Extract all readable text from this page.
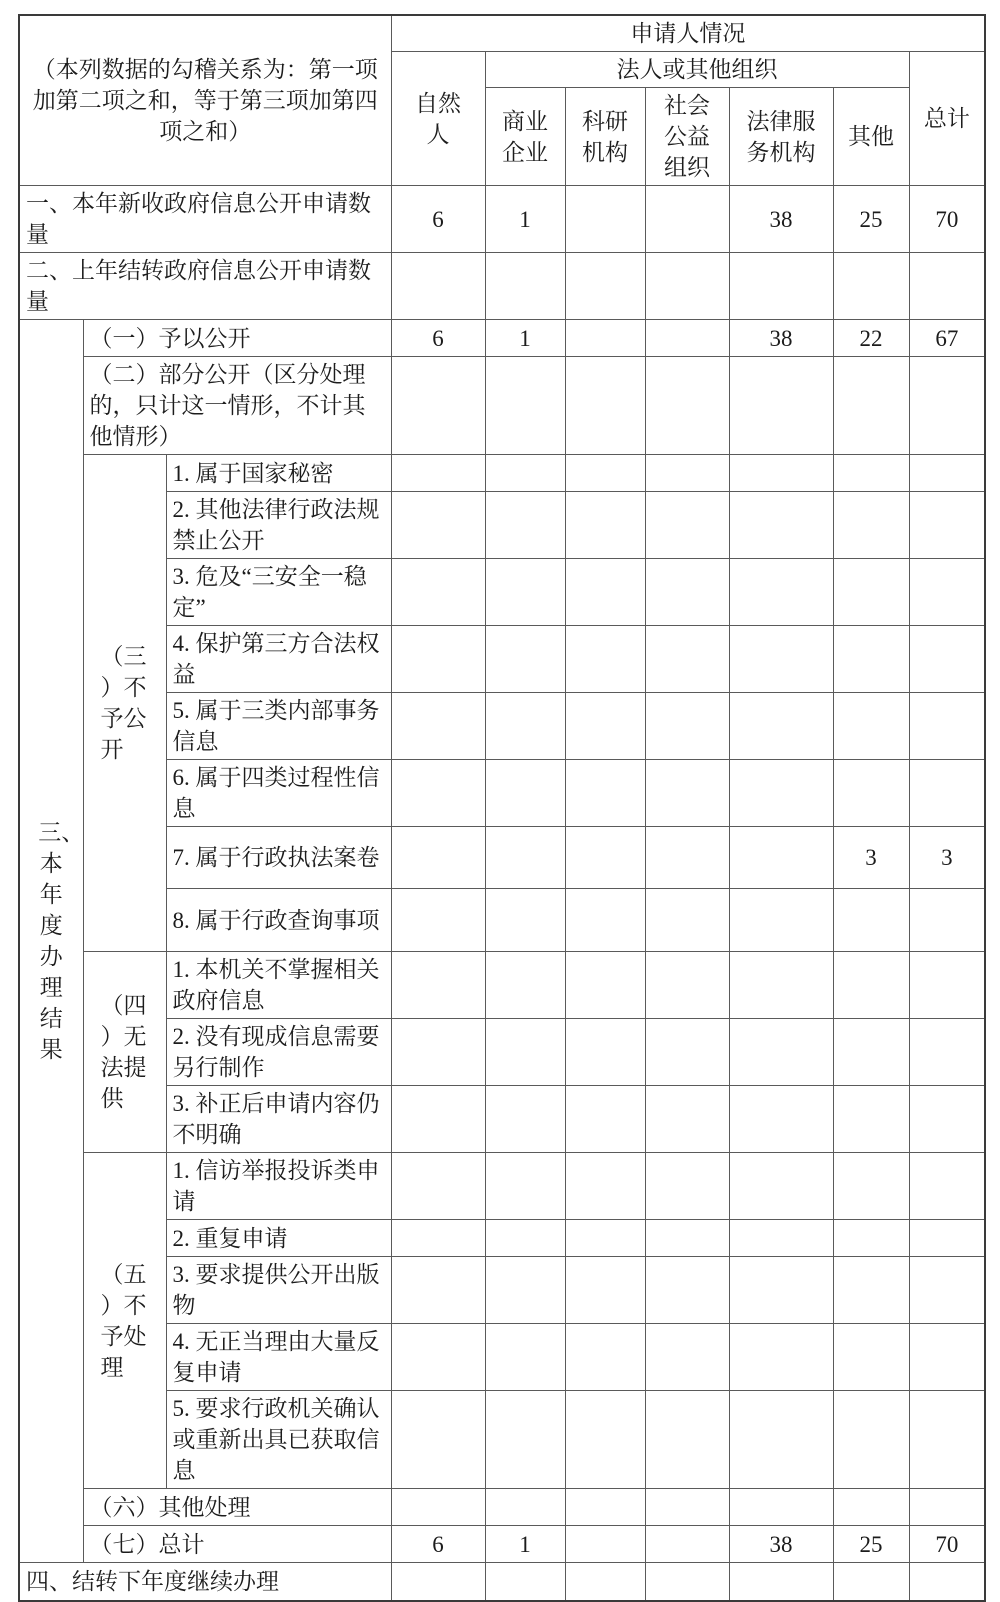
（本列数据的勾稽关系为：第一项加第二项之和，等于第三项加第四项之和）			申请人情况						
			自然人	法人或其他组织					总计
				商业企业	科研机构	社会公益组织	法律服务机构	其他	
一、本年新收政府信息公开申请数量			6	1			38	25	70
二、上年结转政府信息公开申请数量									
三、本年度办理结果	（一）予以公开		6	1			38	22	67
	（二）部分公开（区分处理的，只计这一情形，不计其他情形）								
	（三）不予公开	1. 属于国家秘密							
		2. 其他法律行政法规禁止公开							
		3. 危及“三安全一稳定”							
		4. 保护第三方合法权益							
		5. 属于三类内部事务信息							
		6. 属于四类过程性信息							
		7. 属于行政执法案卷						3	3
		8. 属于行政查询事项							
	（四）无法提供	1. 本机关不掌握相关政府信息							
		2. 没有现成信息需要另行制作							
		3. 补正后申请内容仍不明确							
	（五）不予处理	1. 信访举报投诉类申请							
		2. 重复申请							
		3. 要求提供公开出版物							
		4. 无正当理由大量反复申请							
		5. 要求行政机关确认或重新出具已获取信息							
	（六）其他处理								
	（七）总计		6	1			38	25	70
四、结转下年度继续办理									
